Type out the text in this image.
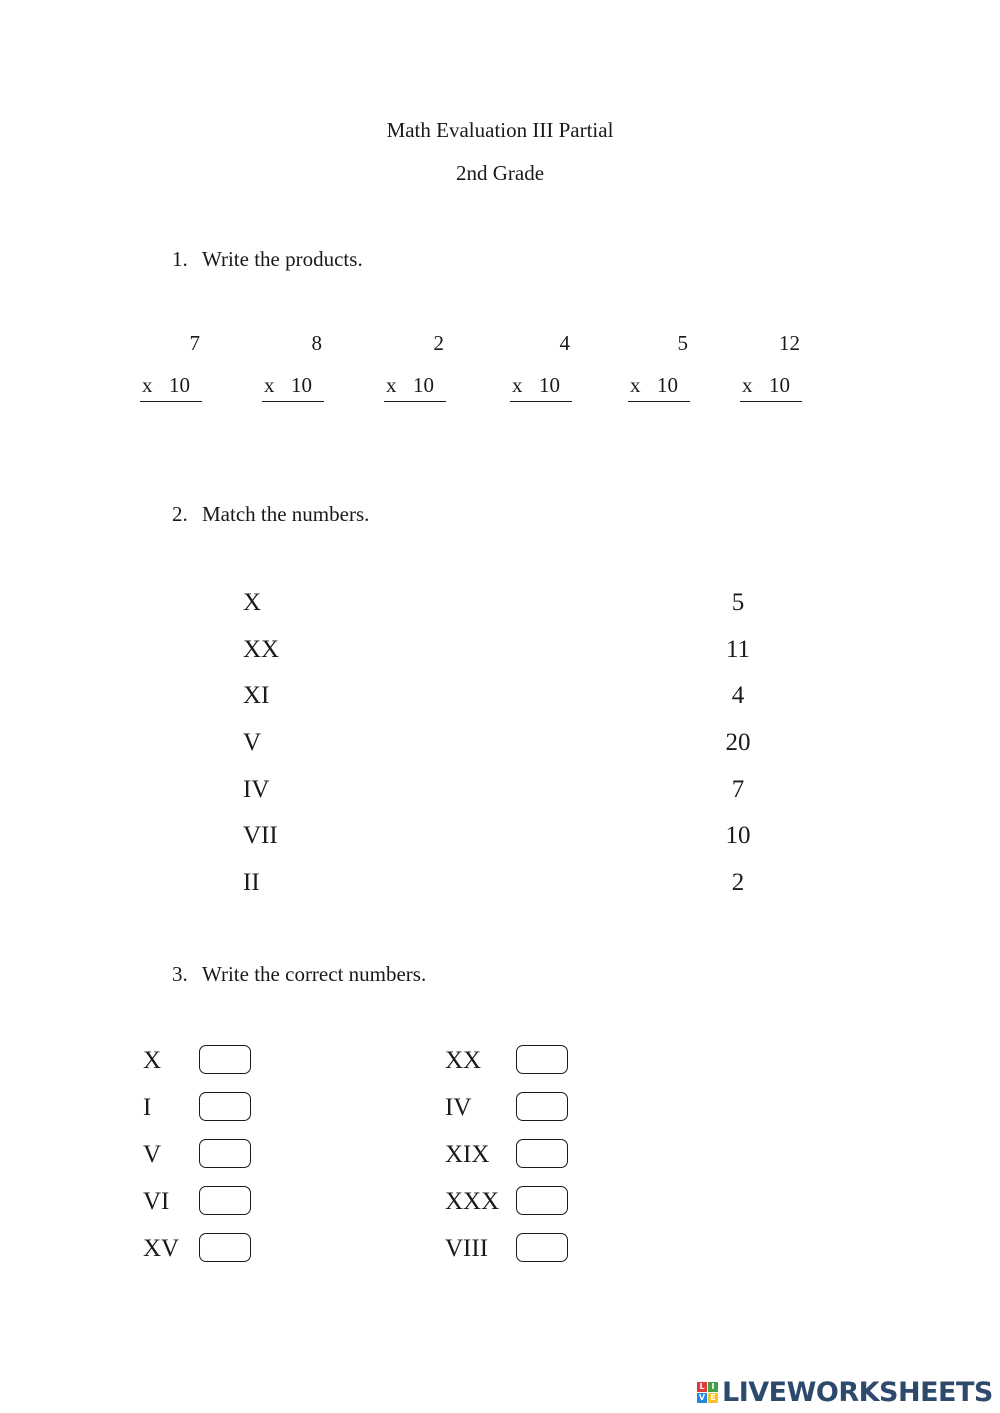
Math Evaluation III Partial
2nd Grade
1. Write the products.
7
x 10
8
x 10
2
x 10
4
x 10
5
x 10
12
x 10
2. Match the numbers.
X
XX
XI
V
IV
VII
II
5
11
4
20
7
10
2
3. Write the correct numbers.
X
I
V
VI
XV
XX
IV
XIX
XXX
VIII
L I
V E LIVEWORKSHEETS
